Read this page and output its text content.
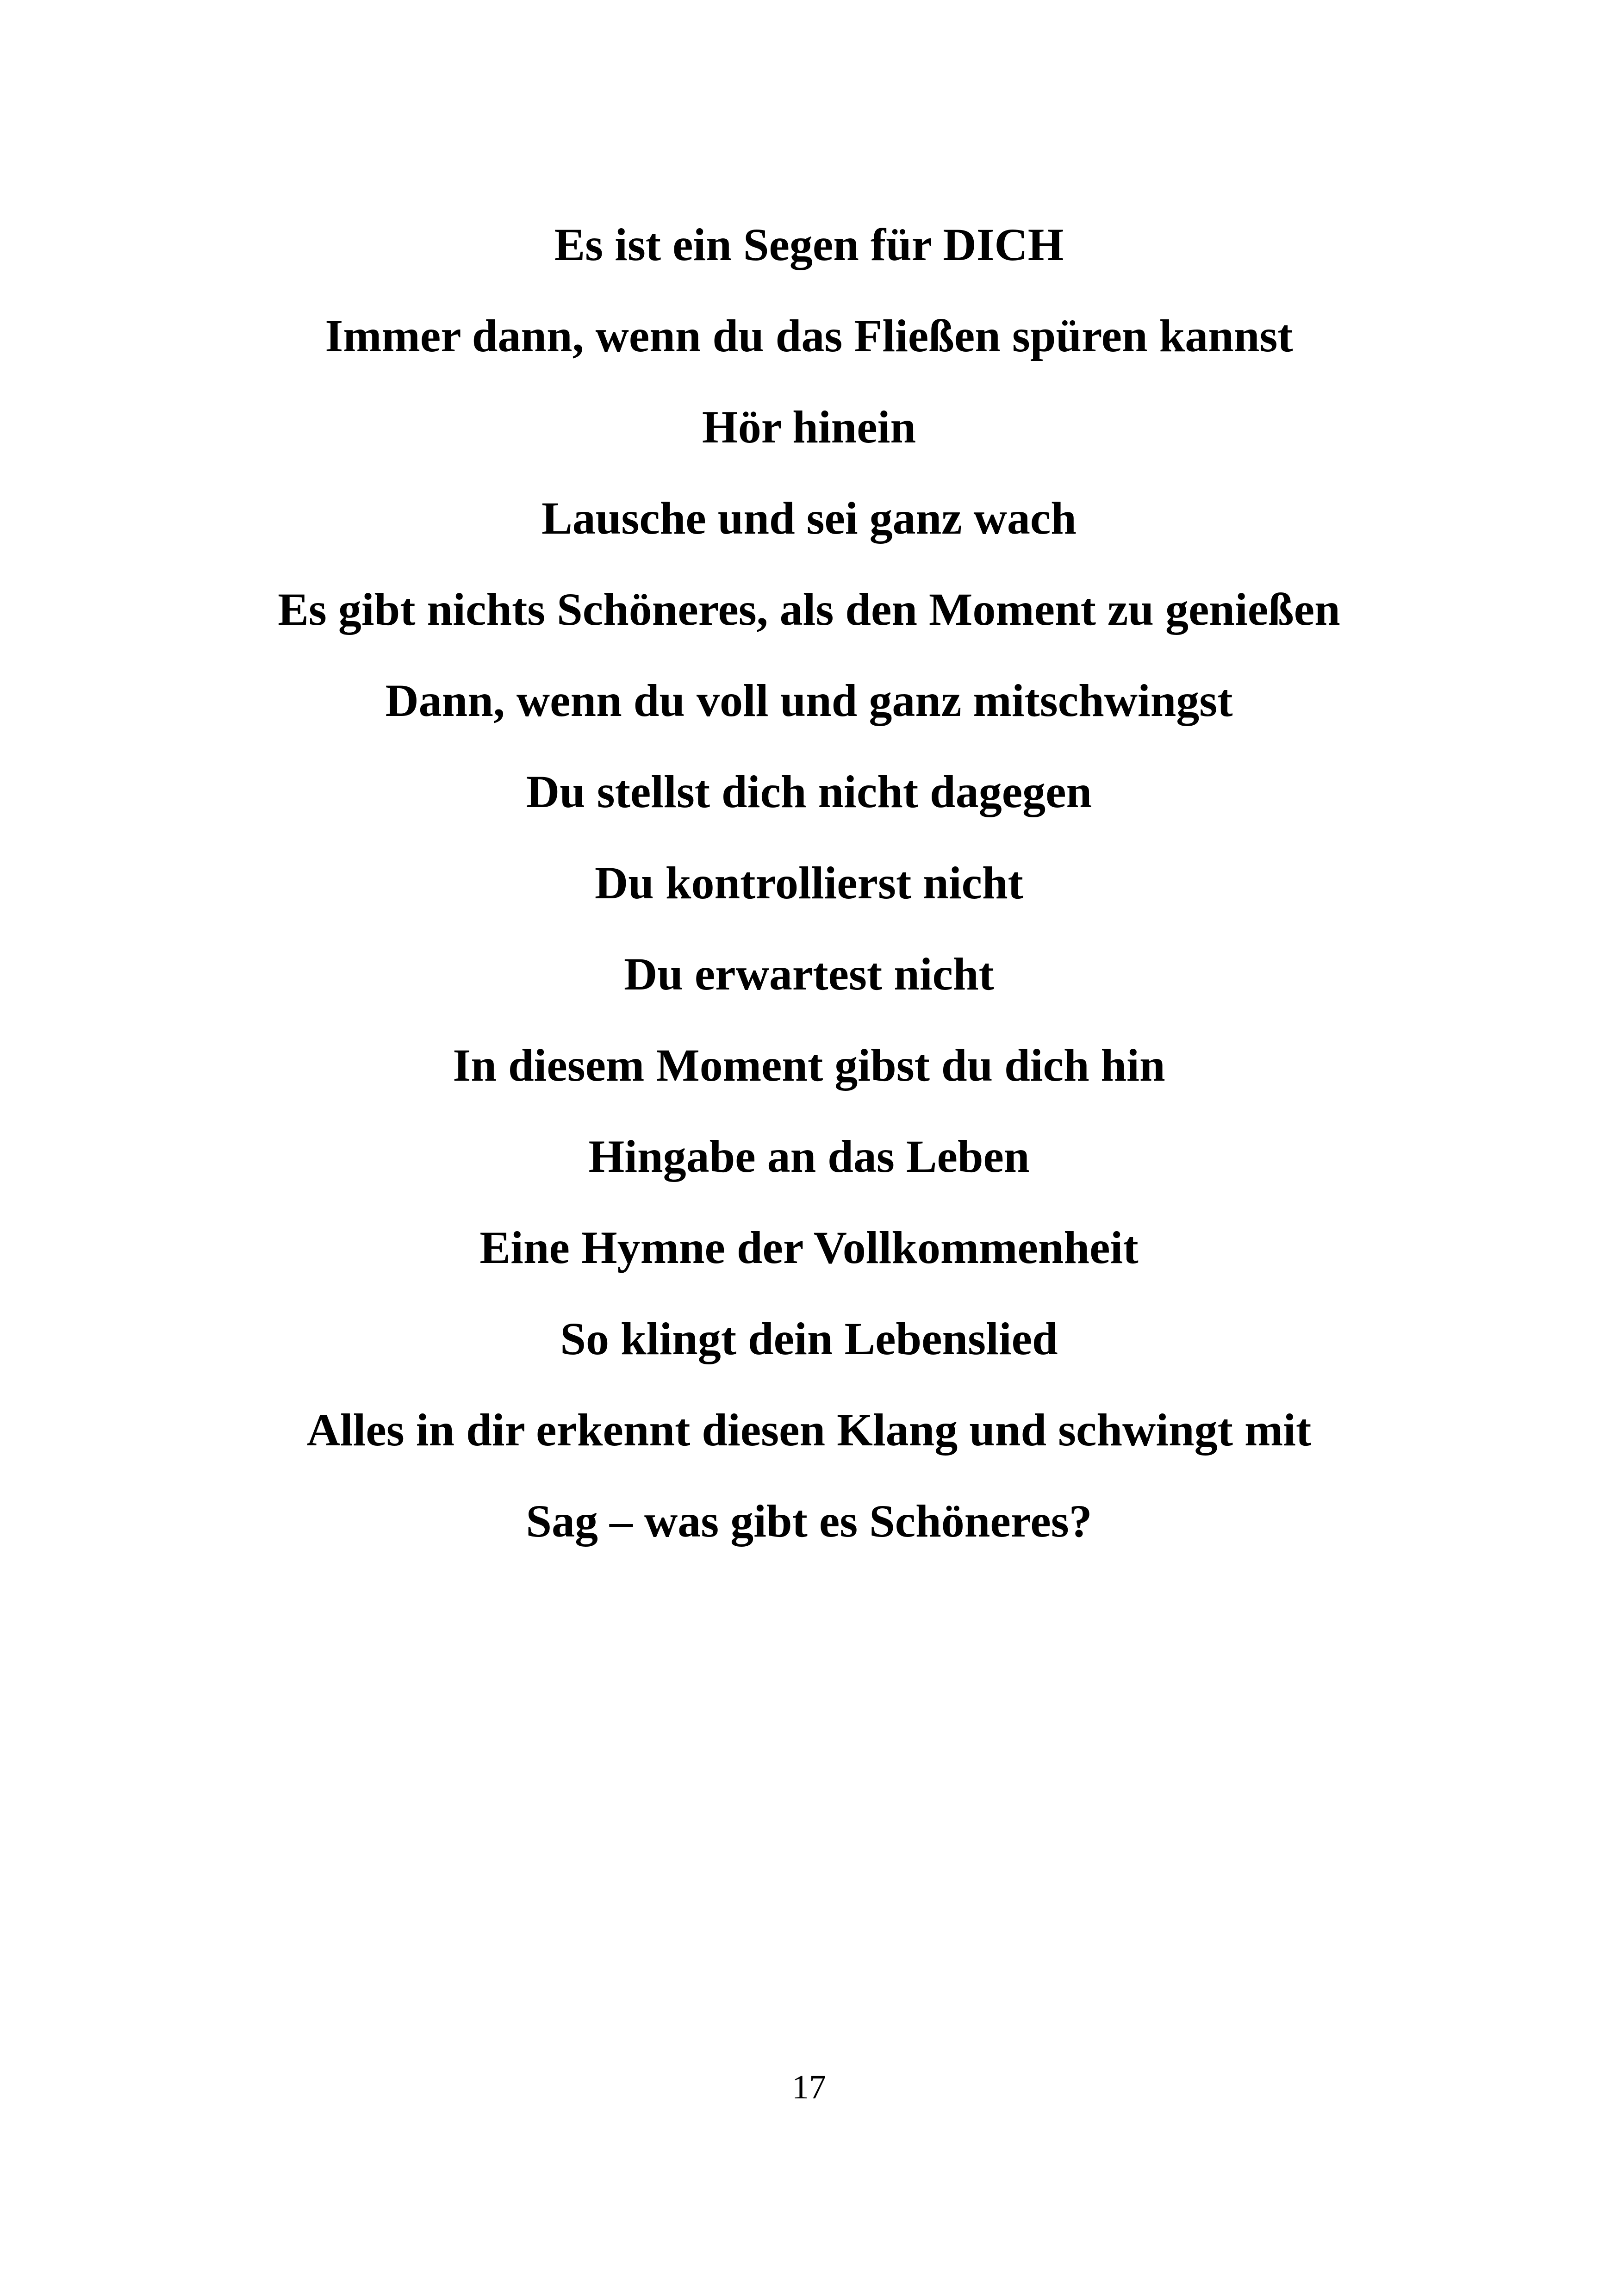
Es ist ein Segen für DICH
Immer dann, wenn du das Fließen spüren kannst
Hör hinein
Lausche und sei ganz wach
Es gibt nichts Schöneres, als den Moment zu genießen
Dann, wenn du voll und ganz mitschwingst
Du stellst dich nicht dagegen
Du kontrollierst nicht
Du erwartest nicht
In diesem Moment gibst du dich hin
Hingabe an das Leben
Eine Hymne der Vollkommenheit
So klingt dein Lebenslied
Alles in dir erkennt diesen Klang und schwingt mit
Sag – was gibt es Schöneres?
17
